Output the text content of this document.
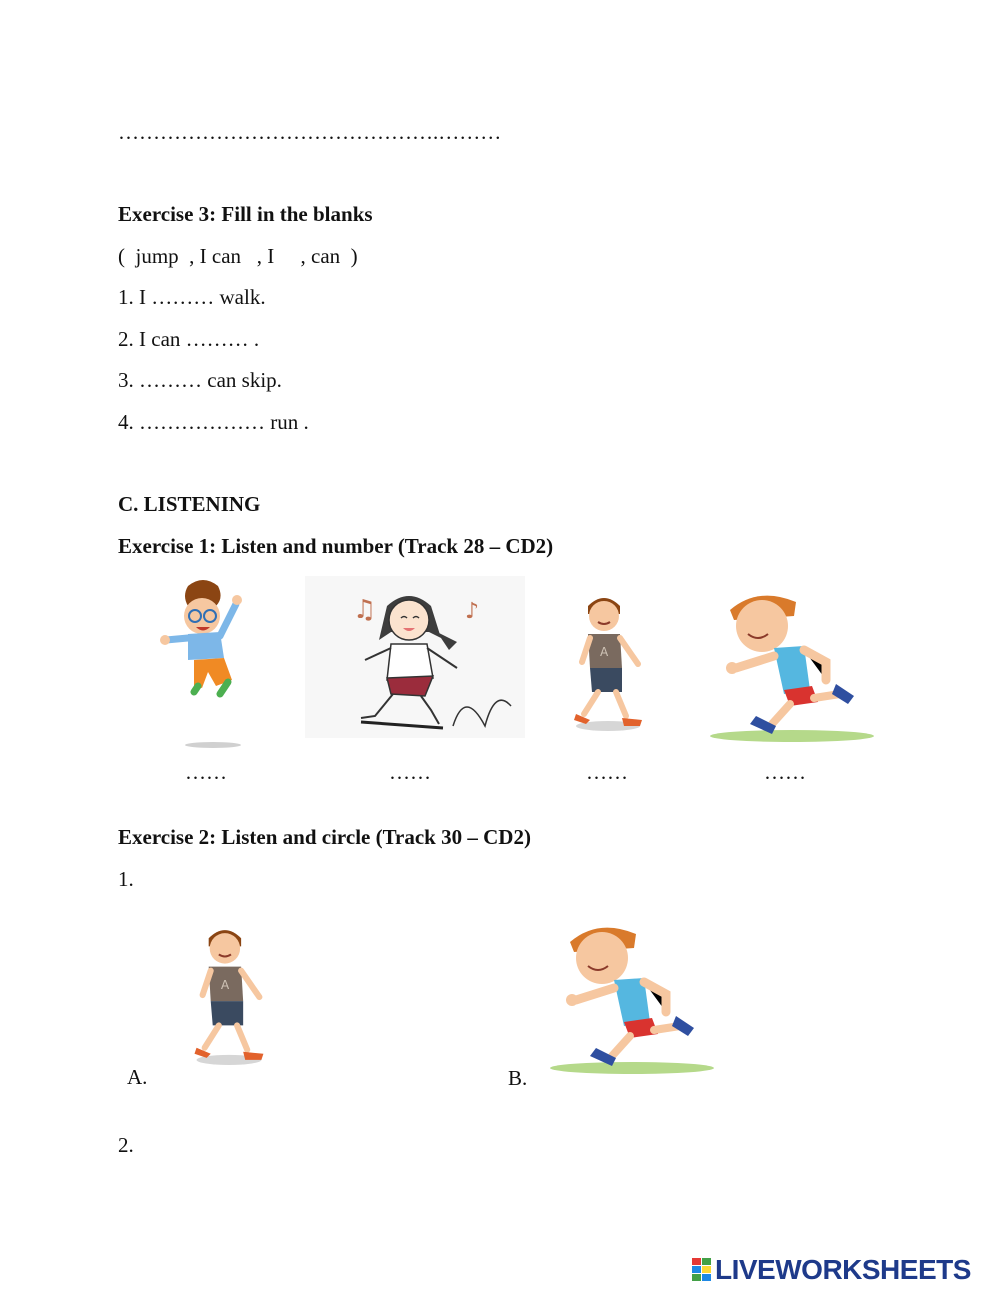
……………………………………….………
Exercise 3: Fill in the blanks
(  jump  , I can   , I     , can  )
1. I ……… walk.
2. I can ……… .
3. ……… can skip.
4. ……………… run .
C. LISTENING
Exercise 1: Listen and number (Track 28 – CD2)
♫	♪
A
……	……	……	……
Exercise 2: Listen and circle (Track 30 – CD2)
1.
A
A.	B.
2.
LIVEWORKSHEETS
